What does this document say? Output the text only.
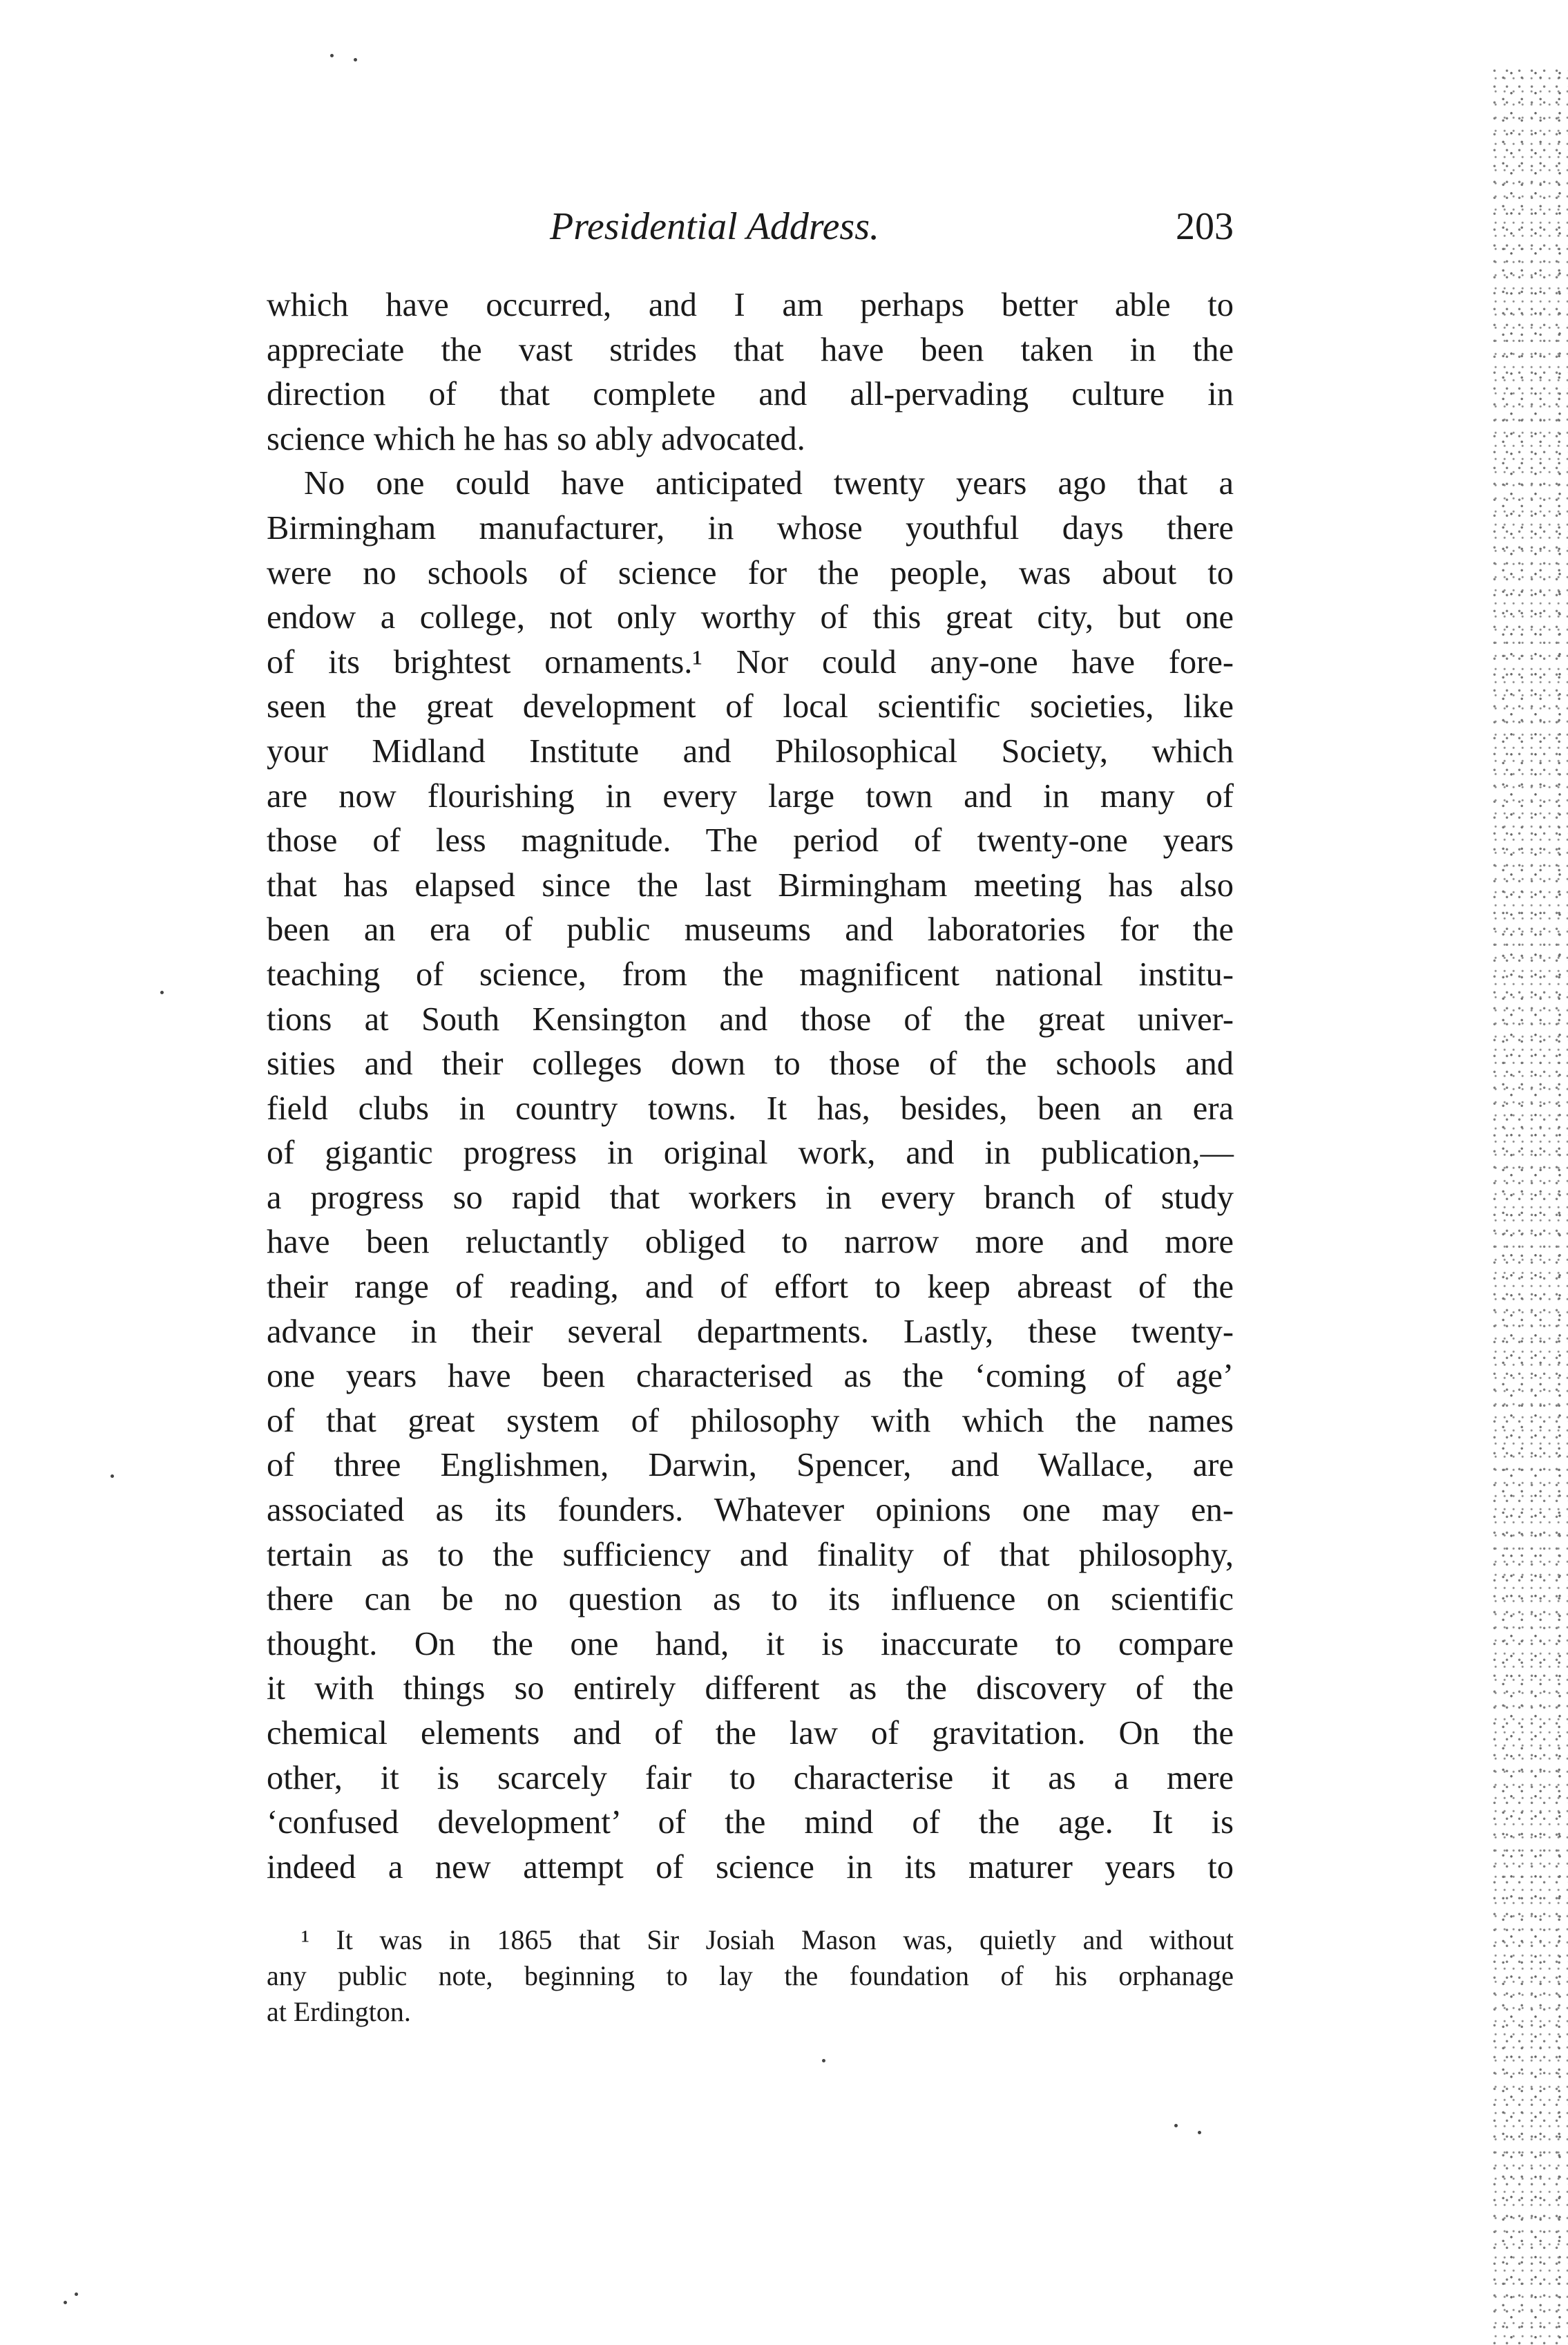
Presidential Address.	203
which have occurred, and I am perhaps better able to
appreciate the vast strides that have been taken in the
direction of that complete and all-pervading culture in
science which he has so ably advocated.
No one could have anticipated twenty years ago that a
Birmingham manufacturer, in whose youthful days there
were no schools of science for the people, was about to
endow a college, not only worthy of this great city, but one
of its brightest ornaments.¹ Nor could any-one have fore-
seen the great development of local scientific societies, like
your Midland Institute and Philosophical Society, which
are now flourishing in every large town and in many of
those of less magnitude. The period of twenty-one years
that has elapsed since the last Birmingham meeting has also
been an era of public museums and laboratories for the
teaching of science, from the magnificent national institu-
tions at South Kensington and those of the great univer-
sities and their colleges down to those of the schools and
field clubs in country towns. It has, besides, been an era
of gigantic progress in original work, and in publication,—
a progress so rapid that workers in every branch of study
have been reluctantly obliged to narrow more and more
their range of reading, and of effort to keep abreast of the
advance in their several departments. Lastly, these twenty-
one years have been characterised as the ‘coming of age’
of that great system of philosophy with which the names
of three Englishmen, Darwin, Spencer, and Wallace, are
associated as its founders. Whatever opinions one may en-
tertain as to the sufficiency and finality of that philosophy,
there can be no question as to its influence on scientific
thought. On the one hand, it is inaccurate to compare
it with things so entirely different as the discovery of the
chemical elements and of the law of gravitation. On the
other, it is scarcely fair to characterise it as a mere
‘confused development’ of the mind of the age. It is
indeed a new attempt of science in its maturer years to
¹ It was in 1865 that Sir Josiah Mason was, quietly and without
any public note, beginning to lay the foundation of his orphanage
at Erdington.
